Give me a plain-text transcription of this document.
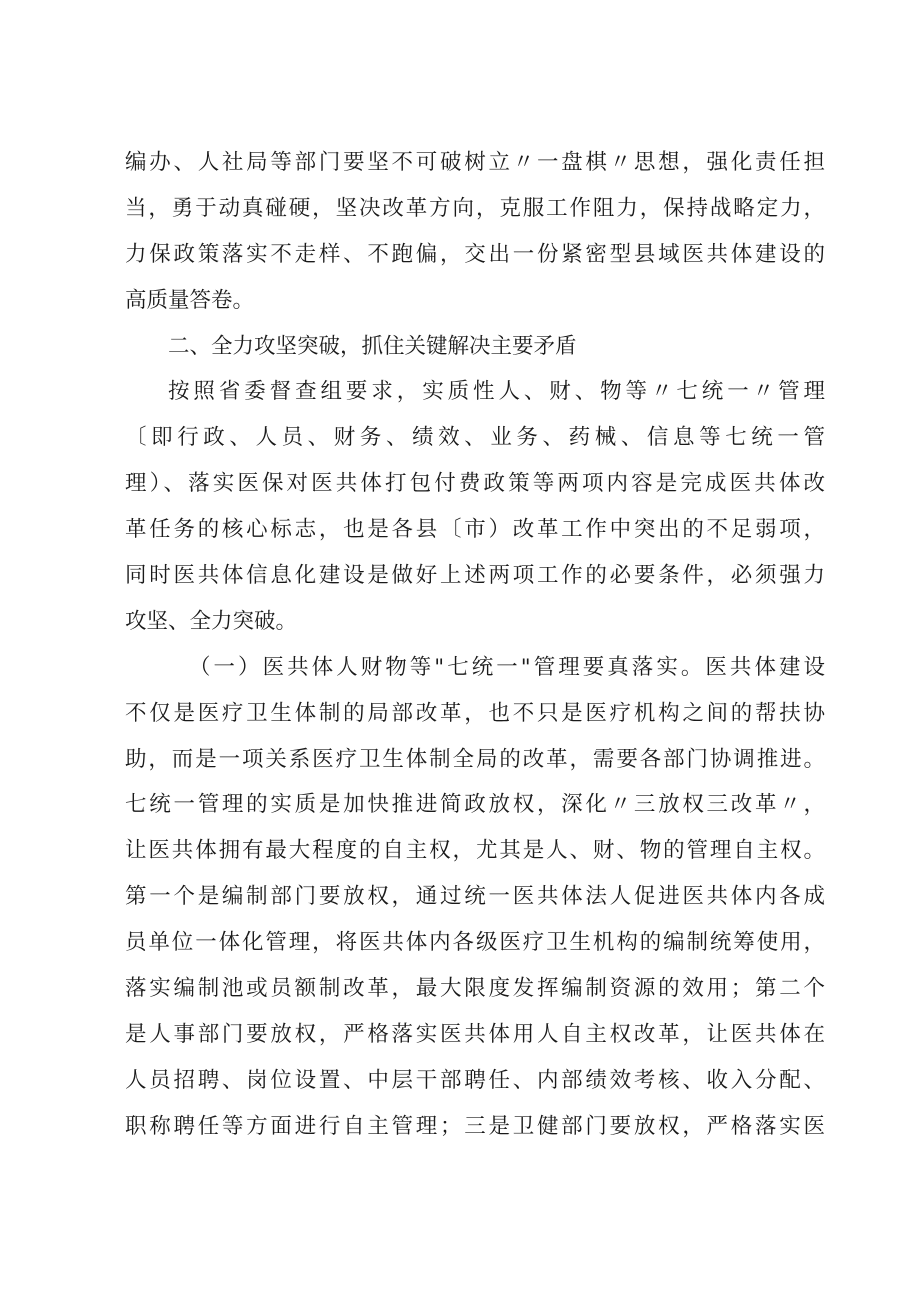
编办、人社局等部门要坚不可破树立〃一盘棋〃思想，强化责任担
当，勇于动真碰硬，坚决改革方向，克服工作阻力，保持战略定力，
力保政策落实不走样、不跑偏，交出一份紧密型县域医共体建设的
高质量答卷。
二、全力攻坚突破，抓住关键解决主要矛盾
按照省委督查组要求，实质性人、财、物等〃七统一〃管理
〔即行政、人员、财务、绩效、业务、药械、信息等七统一管
理）、落实医保对医共体打包付费政策等两项内容是完成医共体改
革任务的核心标志，也是各县〔市）改革工作中突出的不足弱项，
同时医共体信息化建设是做好上述两项工作的必要条件，必须强力
攻坚、全力突破。
（一）医共体人财物等"七统一"管理要真落实。医共体建设
不仅是医疗卫生体制的局部改革，也不只是医疗机构之间的帮扶协
助，而是一项关系医疗卫生体制全局的改革，需要各部门协调推进。
七统一管理的实质是加快推进简政放权，深化〃三放权三改革〃，
让医共体拥有最大程度的自主权，尤其是人、财、物的管理自主权。
第一个是编制部门要放权，通过统一医共体法人促进医共体内各成
员单位一体化管理，将医共体内各级医疗卫生机构的编制统筹使用，
落实编制池或员额制改革，最大限度发挥编制资源的效用；第二个
是人事部门要放权，严格落实医共体用人自主权改革，让医共体在
人员招聘、岗位设置、中层干部聘任、内部绩效考核、收入分配、
职称聘任等方面进行自主管理；三是卫健部门要放权，严格落实医
